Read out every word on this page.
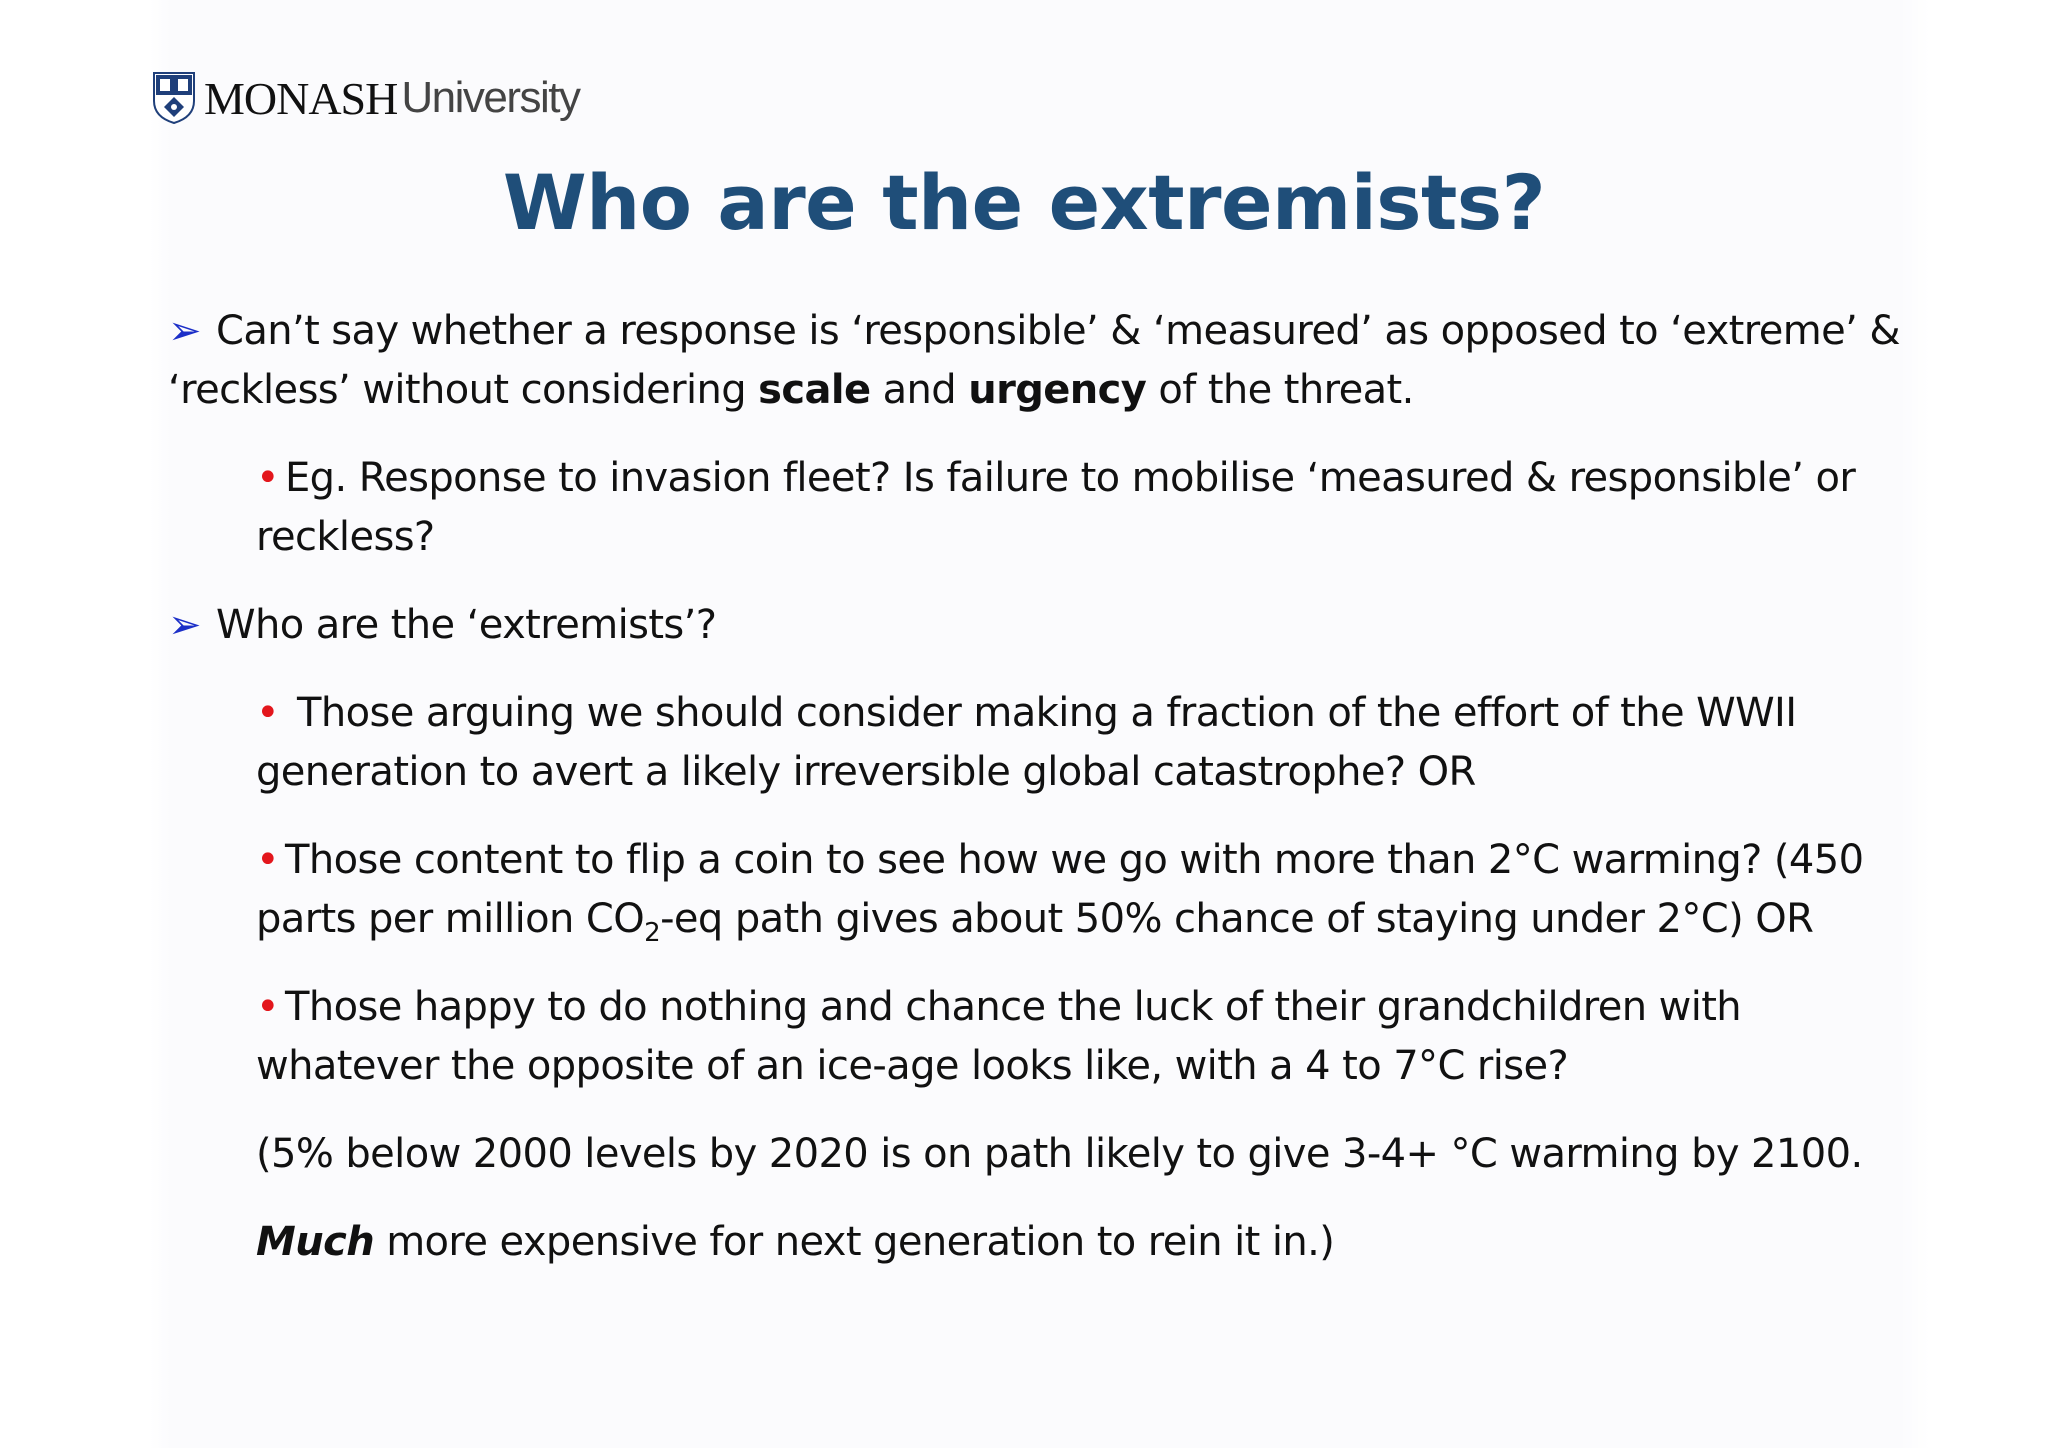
MONASH University
Who are the extremists?
➢ Can’t say whether a response is ‘responsible’ & ‘measured’ as opposed to ‘extreme’ & ‘reckless’ without considering scale and urgency of the threat.
• Eg. Response to invasion fleet? Is failure to mobilise ‘measured & responsible’ or reckless?
➢ Who are the ‘extremists’?
• Those arguing we should consider making a fraction of the effort of the WWII generation to avert a likely irreversible global catastrophe? OR
• Those content to flip a coin to see how we go with more than 2°C warming? (450 parts per million $CO_2-eq$ path gives about 50% chance of staying under 2°C) OR
• Those happy to do nothing and chance the luck of their grandchildren with whatever the opposite of an ice-age looks like, with a 4 to 7°C rise?
(5% below 2000 levels by 2020 is on path likely to give 3-4+ °C warming by 2100.
Much more expensive for next generation to rein it in.)
